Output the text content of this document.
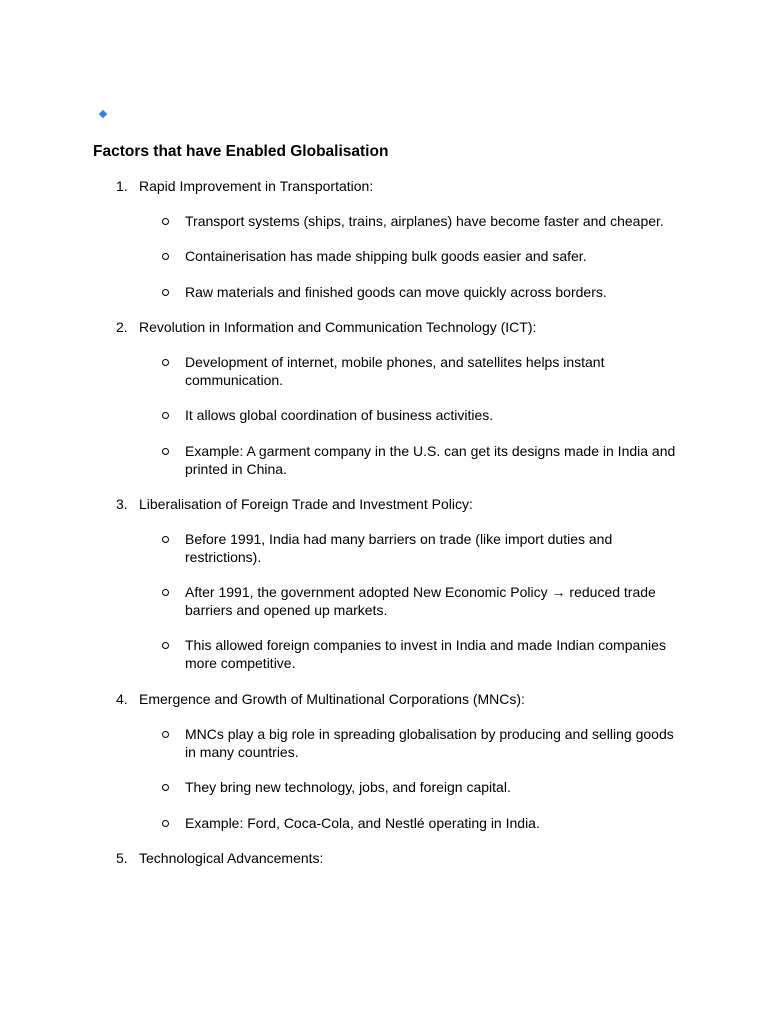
Factors that have Enabled Globalisation
1. Rapid Improvement in Transportation:
Transport systems (ships, trains, airplanes) have become faster and cheaper.
Containerisation has made shipping bulk goods easier and safer.
Raw materials and finished goods can move quickly across borders.
2. Revolution in Information and Communication Technology (ICT):
Development of internet, mobile phones, and satellites helps instant communication.
It allows global coordination of business activities.
Example: A garment company in the U.S. can get its designs made in India and printed in China.
3. Liberalisation of Foreign Trade and Investment Policy:
Before 1991, India had many barriers on trade (like import duties and restrictions).
After 1991, the government adopted New Economic Policy → reduced trade barriers and opened up markets.
This allowed foreign companies to invest in India and made Indian companies more competitive.
4. Emergence and Growth of Multinational Corporations (MNCs):
MNCs play a big role in spreading globalisation by producing and selling goods in many countries.
They bring new technology, jobs, and foreign capital.
Example: Ford, Coca-Cola, and Nestlé operating in India.
5. Technological Advancements:
